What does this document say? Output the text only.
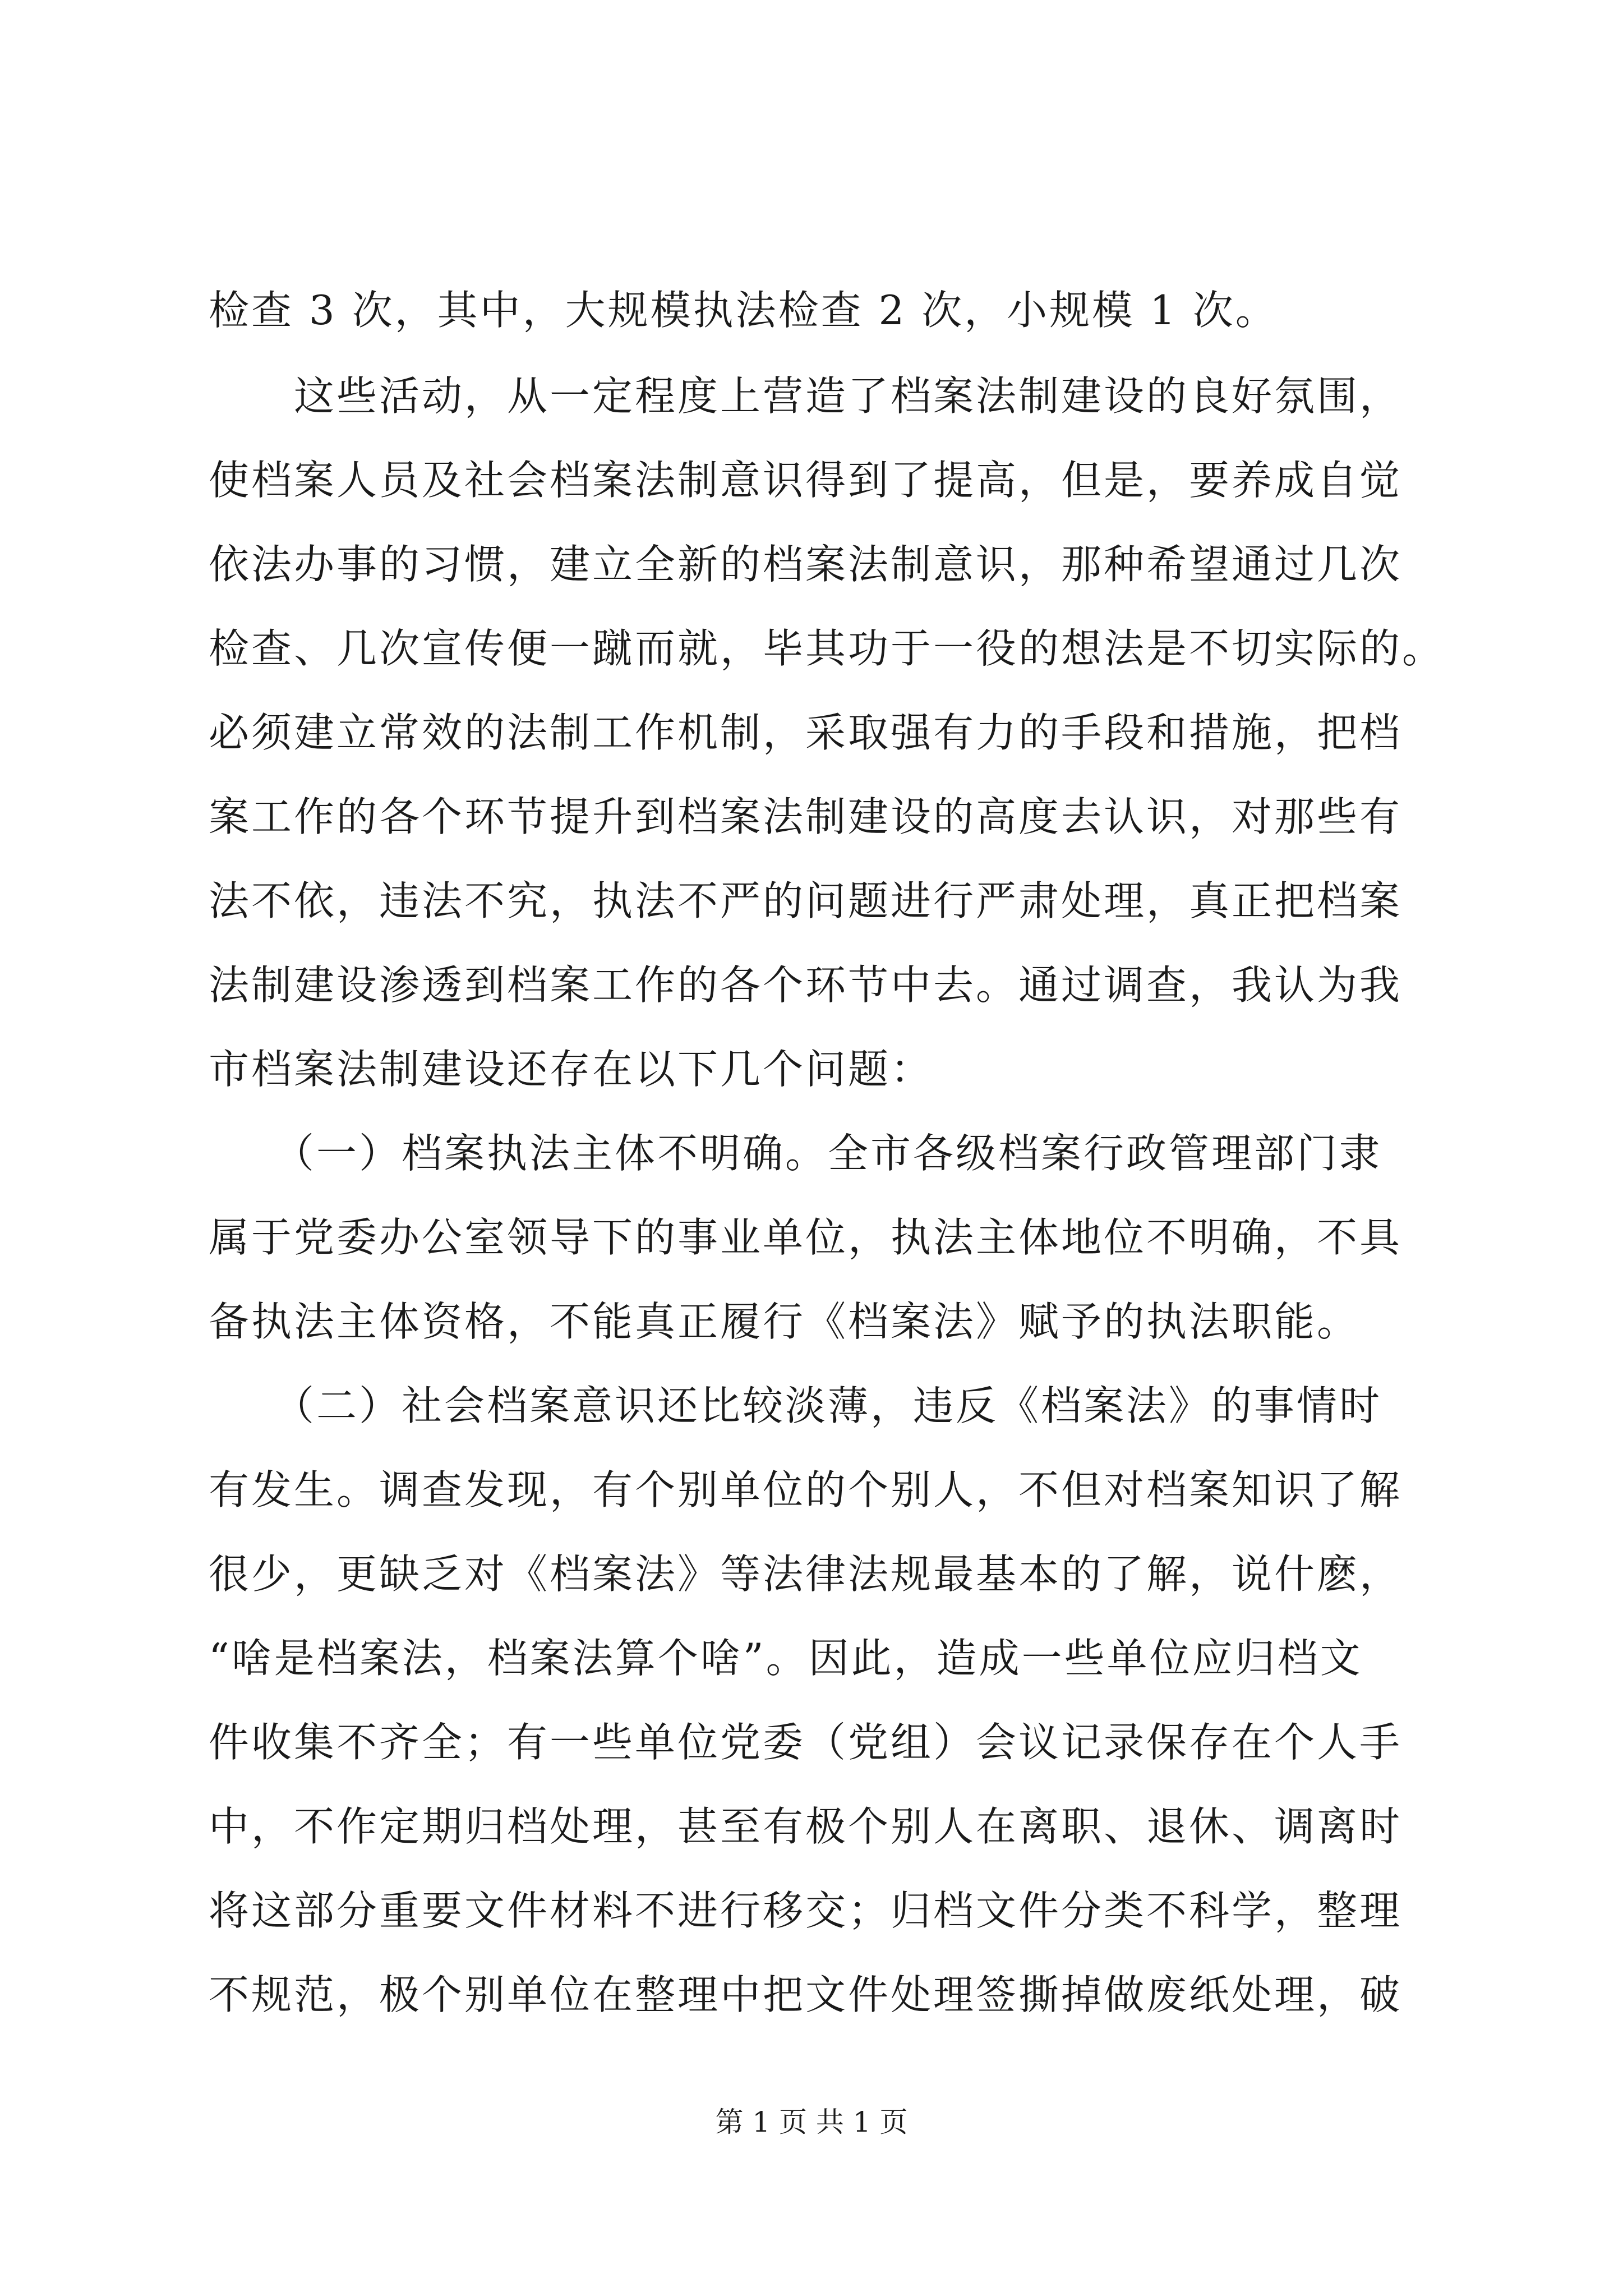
检查 3 次，其中，大规模执法检查 2 次，小规模 1 次。
　　这些活动，从一定程度上营造了档案法制建设的良好氛围，
使档案人员及社会档案法制意识得到了提高，但是，要养成自觉
依法办事的习惯，建立全新的档案法制意识，那种希望通过几次
检查、几次宣传便一蹴而就，毕其功于一役的想法是不切实际的。
必须建立常效的法制工作机制，采取强有力的手段和措施，把档
案工作的各个环节提升到档案法制建设的高度去认识，对那些有
法不依，违法不究，执法不严的问题进行严肃处理，真正把档案
法制建设渗透到档案工作的各个环节中去。通过调查，我认为我
市档案法制建设还存在以下几个问题：
　　（一）档案执法主体不明确。全市各级档案行政管理部门隶
属于党委办公室领导下的事业单位，执法主体地位不明确，不具
备执法主体资格，不能真正履行《档案法》赋予的执法职能。
　　（二）社会档案意识还比较淡薄，违反《档案法》的事情时
有发生。调查发现，有个别单位的个别人，不但对档案知识了解
很少，更缺乏对《档案法》等法律法规最基本的了解，说什麽，
“啥是档案法，档案法算个啥”。因此，造成一些单位应归档文
件收集不齐全；有一些单位党委（党组）会议记录保存在个人手
中，不作定期归档处理，甚至有极个别人在离职、退休、调离时
将这部分重要文件材料不进行移交；归档文件分类不科学，整理
不规范，极个别单位在整理中把文件处理签撕掉做废纸处理，破
第 1 页 共 1 页
